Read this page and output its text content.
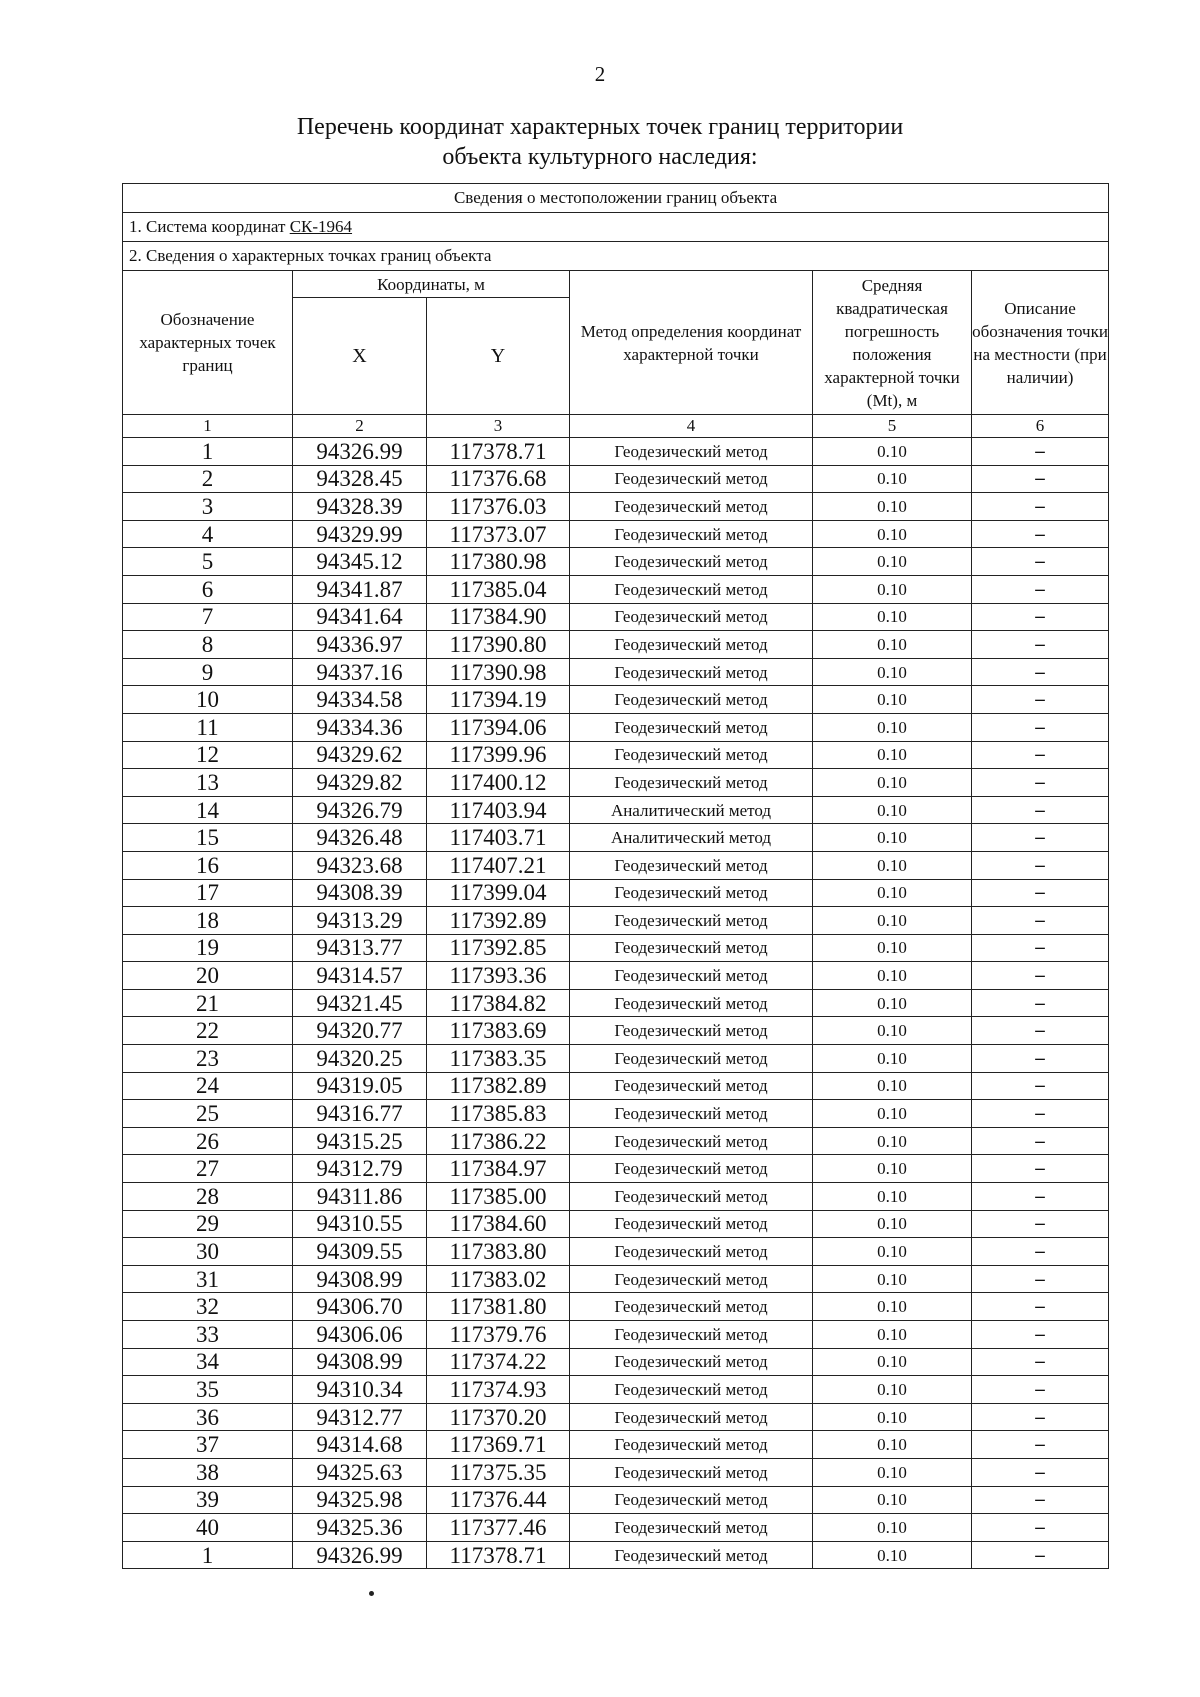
2
Перечень координат характерных точек границ территории
объекта культурного наследия:
Сведения о местоположении границ объекта					
1. Система координат СК-1964					
2. Сведения о характерных точках границ объекта					
Обозначение характерных точек границ	Координаты, м		Метод определения координат характерной точки	Средняя квадратическая погрешность положения характерной точки (Mt), м	Описание обозначения точки на местности (при наличии)
	X	Y			
1	2	3	4	5	6
1	94326.99	117378.71	Геодезический метод	0.10	–
2	94328.45	117376.68	Геодезический метод	0.10	–
3	94328.39	117376.03	Геодезический метод	0.10	–
4	94329.99	117373.07	Геодезический метод	0.10	–
5	94345.12	117380.98	Геодезический метод	0.10	–
6	94341.87	117385.04	Геодезический метод	0.10	–
7	94341.64	117384.90	Геодезический метод	0.10	–
8	94336.97	117390.80	Геодезический метод	0.10	–
9	94337.16	117390.98	Геодезический метод	0.10	–
10	94334.58	117394.19	Геодезический метод	0.10	–
11	94334.36	117394.06	Геодезический метод	0.10	–
12	94329.62	117399.96	Геодезический метод	0.10	–
13	94329.82	117400.12	Геодезический метод	0.10	–
14	94326.79	117403.94	Аналитический метод	0.10	–
15	94326.48	117403.71	Аналитический метод	0.10	–
16	94323.68	117407.21	Геодезический метод	0.10	–
17	94308.39	117399.04	Геодезический метод	0.10	–
18	94313.29	117392.89	Геодезический метод	0.10	–
19	94313.77	117392.85	Геодезический метод	0.10	–
20	94314.57	117393.36	Геодезический метод	0.10	–
21	94321.45	117384.82	Геодезический метод	0.10	–
22	94320.77	117383.69	Геодезический метод	0.10	–
23	94320.25	117383.35	Геодезический метод	0.10	–
24	94319.05	117382.89	Геодезический метод	0.10	–
25	94316.77	117385.83	Геодезический метод	0.10	–
26	94315.25	117386.22	Геодезический метод	0.10	–
27	94312.79	117384.97	Геодезический метод	0.10	–
28	94311.86	117385.00	Геодезический метод	0.10	–
29	94310.55	117384.60	Геодезический метод	0.10	–
30	94309.55	117383.80	Геодезический метод	0.10	–
31	94308.99	117383.02	Геодезический метод	0.10	–
32	94306.70	117381.80	Геодезический метод	0.10	–
33	94306.06	117379.76	Геодезический метод	0.10	–
34	94308.99	117374.22	Геодезический метод	0.10	–
35	94310.34	117374.93	Геодезический метод	0.10	–
36	94312.77	117370.20	Геодезический метод	0.10	–
37	94314.68	117369.71	Геодезический метод	0.10	–
38	94325.63	117375.35	Геодезический метод	0.10	–
39	94325.98	117376.44	Геодезический метод	0.10	–
40	94325.36	117377.46	Геодезический метод	0.10	–
1	94326.99	117378.71	Геодезический метод	0.10	–
